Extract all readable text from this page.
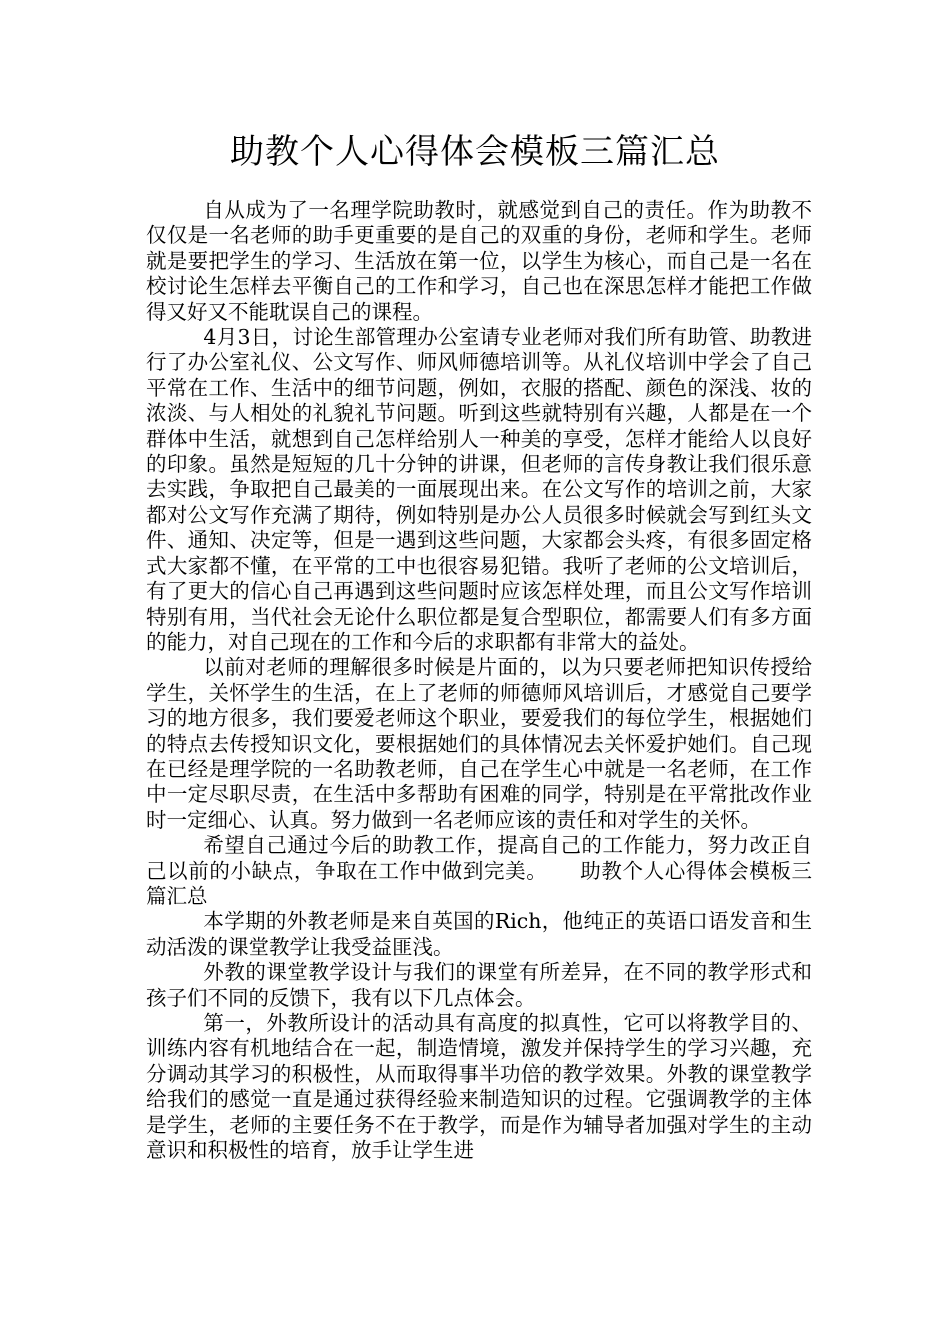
助教个人心得体会模板三篇汇总

自从成为了一名理学院助教时，就感觉到自己的责任。作为助教不仅仅是一名老师的助手更重要的是自己的双重的身份，老师和学生。老师就是要把学生的学习、生活放在第一位，以学生为核心，而自己是一名在校讨论生怎样去平衡自己的工作和学习，自己也在深思怎样才能把工作做得又好又不能耽误自己的课程。

4月3日，讨论生部管理办公室请专业老师对我们所有助管、助教进行了办公室礼仪、公文写作、师风师德培训等。从礼仪培训中学会了自己平常在工作、生活中的细节问题，例如，衣服的搭配、颜色的深浅、妆的浓淡、与人相处的礼貌礼节问题。听到这些就特别有兴趣，人都是在一个群体中生活，就想到自己怎样给别人一种美的享受，怎样才能给人以良好的印象。虽然是短短的几十分钟的讲课，但老师的言传身教让我们很乐意去实践，争取把自己最美的一面展现出来。在公文写作的培训之前，大家都对公文写作充满了期待，例如特别是办公人员很多时候就会写到红头文件、通知、决定等，但是一遇到这些问题，大家都会头疼，有很多固定格式大家都不懂，在平常的工中也很容易犯错。我听了老师的公文培训后，有了更大的信心自己再遇到这些问题时应该怎样处理，而且公文写作培训特别有用，当代社会无论什么职位都是复合型职位，都需要人们有多方面的能力，对自己现在的工作和今后的求职都有非常大的益处。

以前对老师的理解很多时候是片面的，以为只要老师把知识传授给学生，关怀学生的生活，在上了老师的师德师风培训后，才感觉自己要学习的地方很多，我们要爱老师这个职业，要爱我们的每位学生，根据她们的特点去传授知识文化，要根据她们的具体情况去关怀爱护她们。自己现在已经是理学院的一名助教老师，自己在学生心中就是一名老师，在工作中一定尽职尽责，在生活中多帮助有困难的同学，特别是在平常批改作业时一定细心、认真。努力做到一名老师应该的责任和对学生的关怀。

希望自己通过今后的助教工作，提高自己的工作能力，努力改正自己以前的小缺点，争取在工作中做到完美。 助教个人心得体会模板三篇汇总

本学期的外教老师是来自英国的Rich，他纯正的英语口语发音和生动活泼的课堂教学让我受益匪浅。

外教的课堂教学设计与我们的课堂有所差异，在不同的教学形式和孩子们不同的反馈下，我有以下几点体会。

第一，外教所设计的活动具有高度的拟真性，它可以将教学目的、训练内容有机地结合在一起，制造情境，激发并保持学生的学习兴趣，充分调动其学习的积极性，从而取得事半功倍的教学效果。外教的课堂教学给我们的感觉一直是通过获得经验来制造知识的过程。它强调教学的主体是学生，老师的主要任务不在于教学，而是作为辅导者加强对学生的主动意识和积极性的培育，放手让学生进
